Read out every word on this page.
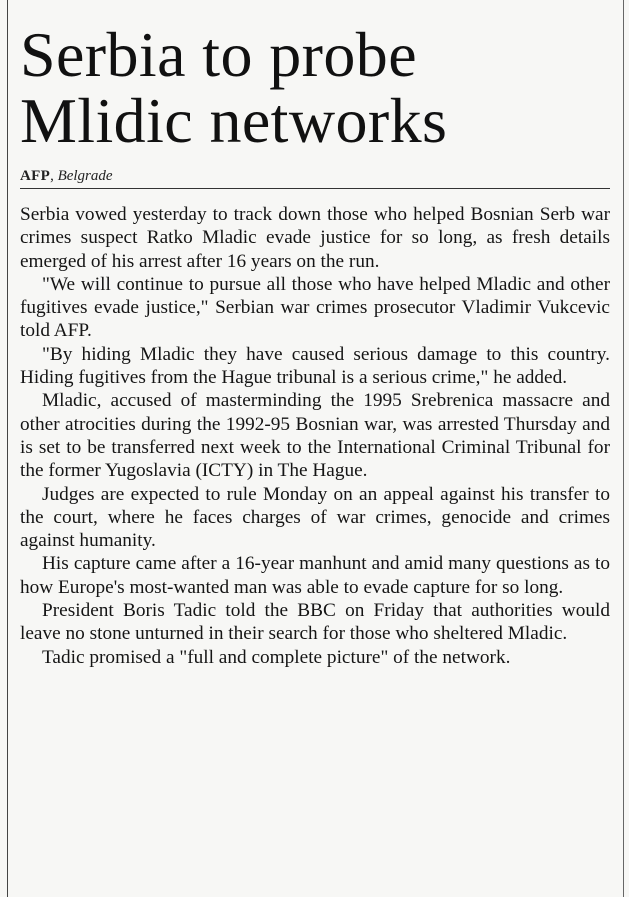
Serbia to probe
Mlidic networks
AFP, Belgrade

Serbia vowed yesterday to track down those who helped Bosnian Serb war crimes suspect Ratko Mladic evade justice for so long, as fresh details emerged of his arrest after 16 years on the run.

"We will continue to pursue all those who have helped Mladic and other fugitives evade justice," Serbian war crimes prosecutor Vladimir Vukcevic told AFP.

"By hiding Mladic they have caused serious damage to this country. Hiding fugitives from the Hague tribunal is a serious crime," he added.

Mladic, accused of masterminding the 1995 Srebrenica massacre and other atrocities during the 1992-95 Bosnian war, was arrested Thursday and is set to be transferred next week to the International Criminal Tribunal for the former Yugoslavia (ICTY) in The Hague.

Judges are expected to rule Monday on an appeal against his transfer to the court, where he faces charges of war crimes, genocide and crimes against humanity.

His capture came after a 16-year manhunt and amid many questions as to how Europe's most-wanted man was able to evade capture for so long.

President Boris Tadic told the BBC on Friday that authorities would leave no stone unturned in their search for those who sheltered Mladic.

Tadic promised a "full and complete picture" of the network.
